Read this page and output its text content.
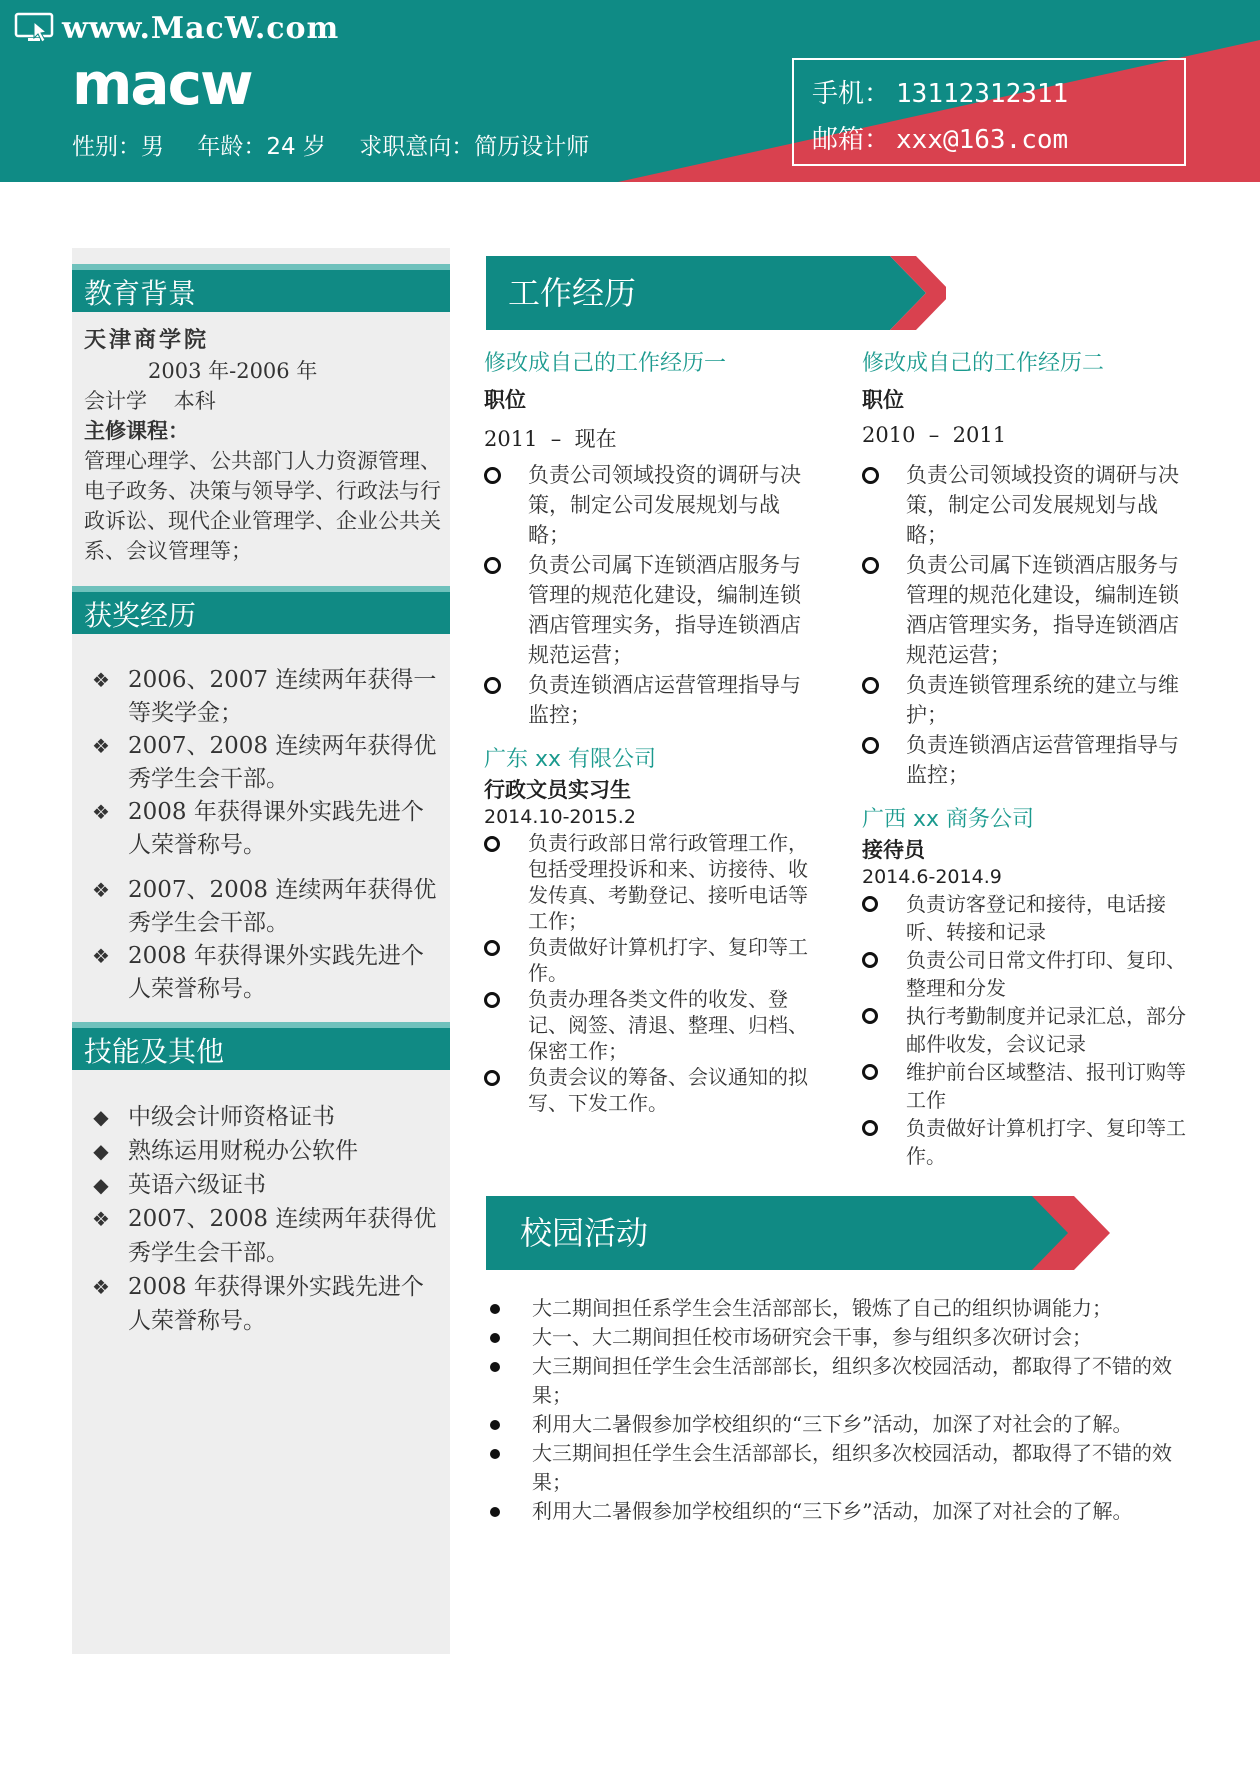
www.MacW.com
macw
性别：男 年龄：24 岁 求职意向：简历设计师
手机： 13112312311
邮箱： xxx@163.com
教育背景
天津商学院
2003 年-2006 年
会计学    本科
主修课程：
管理心理学、公共部门人力资源管理、电子政务、决策与领导学、行政法与行政诉讼、现代企业管理学、企业公共关系、会议管理等；
获奖经历
❖ 2006、2007 连续两年获得一等奖学金；
❖ 2007、2008 连续两年获得优秀学生会干部。
❖ 2008 年获得课外实践先进个人荣誉称号。
❖ 2007、2008 连续两年获得优秀学生会干部。
❖ 2008 年获得课外实践先进个人荣誉称号。
技能及其他
◆ 中级会计师资格证书
◆ 熟练运用财税办公软件
◆ 英语六级证书
❖ 2007、2008 连续两年获得优秀学生会干部。
❖ 2008 年获得课外实践先进个人荣誉称号。
工作经历
修改成自己的工作经历一
职位
2011  –  现在
负责公司领域投资的调研与决策，制定公司发展规划与战略；
负责公司属下连锁酒店服务与管理的规范化建设，编制连锁酒店管理实务，指导连锁酒店规范运营；
负责连锁酒店运营管理指导与监控；
修改成自己的工作经历二
职位
2010  –  2011
负责公司领域投资的调研与决策，制定公司发展规划与战略；
负责公司属下连锁酒店服务与管理的规范化建设，编制连锁酒店管理实务，指导连锁酒店规范运营；
负责连锁管理系统的建立与维护；
负责连锁酒店运营管理指导与监控；
广东 xx 有限公司
行政文员实习生
2014.10-2015.2
负责行政部日常行政管理工作，包括受理投诉和来、访接待、收发传真、考勤登记、接听电话等工作；
负责做好计算机打字、复印等工作。
负责办理各类文件的收发、登记、阅签、清退、整理、归档、保密工作；
负责会议的筹备、会议通知的拟写、下发工作。
广西 xx 商务公司
接待员
2014.6-2014.9
负责访客登记和接待，电话接听、转接和记录
负责公司日常文件打印、复印、整理和分发
执行考勤制度并记录汇总，部分邮件收发，会议记录
维护前台区域整洁、报刊订购等工作
负责做好计算机打字、复印等工作。
校园活动
大二期间担任系学生会生活部部长，锻炼了自己的组织协调能力；
大一、大二期间担任校市场研究会干事，参与组织多次研讨会；
大三期间担任学生会生活部部长，组织多次校园活动，都取得了不错的效果；
利用大二暑假参加学校组织的“三下乡”活动，加深了对社会的了解。
大三期间担任学生会生活部部长，组织多次校园活动，都取得了不错的效果；
利用大二暑假参加学校组织的“三下乡”活动，加深了对社会的了解。
